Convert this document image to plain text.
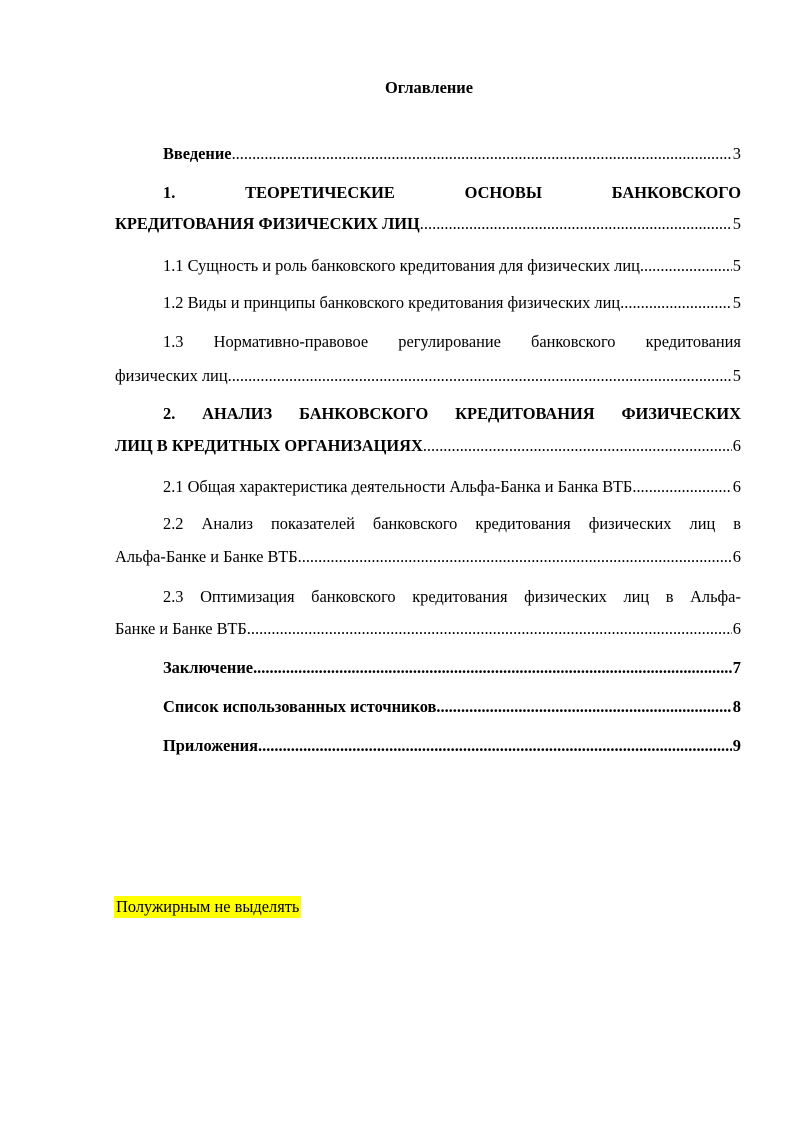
Оглавление
Введение .....	3
1.	ТЕОРЕТИЧЕСКИЕ	ОСНОВЫ	БАНКОВСКОГО
КРЕДИТОВАНИЯ ФИЗИЧЕСКИХ ЛИЦ .....	5
1.1 Сущность и роль банковского кредитования для физических лиц .....	5
1.2 Виды и принципы банковского кредитования физических лиц .....	5
1.3 Нормативно-правовое регулирование банковского кредитования
физических лиц .....	5
2. АНАЛИЗ БАНКОВСКОГО КРЕДИТОВАНИЯ ФИЗИЧЕСКИХ
ЛИЦ В КРЕДИТНЫХ ОРГАНИЗАЦИЯХ .....	6
2.1 Общая характеристика деятельности Альфа-Банка и Банка ВТБ .....	6
2.2 Анализ показателей банковского кредитования физических лиц в
Альфа-Банке и Банке ВТБ .....	6
2.3 Оптимизация банковского кредитования физических лиц в Альфа-
Банке и Банке ВТБ .....	6
Заключение .....	7
Список использованных источников .....	8
Приложения .....	9
Полужирным не выделять
